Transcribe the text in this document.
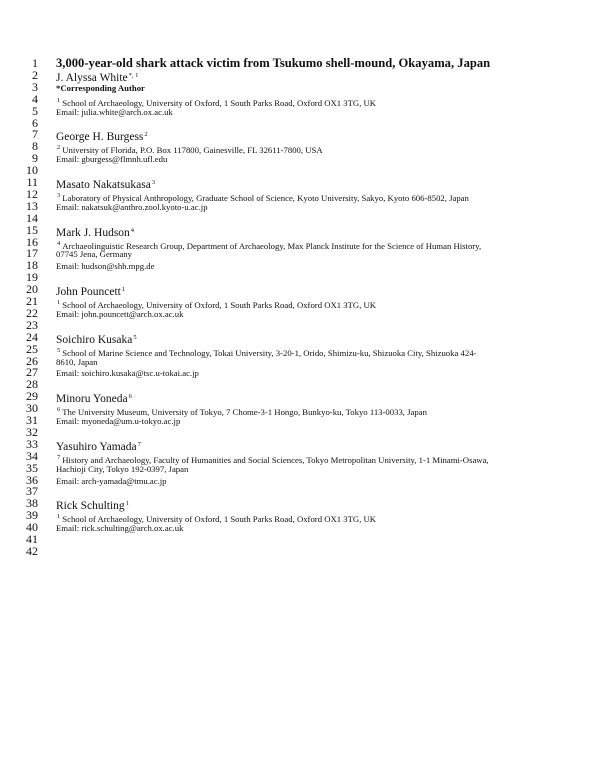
1 3,000-year-old shark attack victim from Tsukumo shell-mound, Okayama, Japan
2 J. Alyssa White$^{*, 1}$
3 *Corresponding Author
4	$^1$ School of Archaeology, University of Oxford, 1 South Parks Road, Oxford OX1 3TG, UK
5 Email: julia.white@arch.ox.ac.uk
6
7 George H. Burgess$^2$
8	$^2$ University of Florida, P.O. Box 117800, Gainesville, FL 32611-7800, USA
9 Email: gburgess@flmnh.ufl.edu
10
11 Masato Nakatsukasa$^3$
12	$^3$ Laboratory of Physical Anthropology, Graduate School of Science, Kyoto University, Sakyo, Kyoto 606-8502, Japan
13 Email: nakatsuk@anthro.zool.kyoto-u.ac.jp
14
15 Mark J. Hudson$^4$
16	$^4$ Archaeolinguistic Research Group, Department of Archaeology, Max Planck Institute for the Science of Human History,
17 07745 Jena, Germany
18 Email: hudson@shh.mpg.de
19
20 John Pouncett$^1$
21	$^1$ School of Archaeology, University of Oxford, 1 South Parks Road, Oxford OX1 3TG, UK
22 Email: john.pouncett@arch.ox.ac.uk
23
24 Soichiro Kusaka$^5$
25	$^5$ School of Marine Science and Technology, Tokai University, 3-20-1, Orido, Shimizu-ku, Shizuoka City, Shizuoka 424-
26 8610, Japan
27 Email: soichiro.kusaka@tsc.u-tokai.ac.jp
28
29 Minoru Yoneda$^6$
30	$^6$ The University Museum, University of Tokyo, 7 Chome-3-1 Hongo, Bunkyo-ku, Tokyo 113-0033, Japan
31 Email: myoneda@um.u-tokyo.ac.jp
32
33 Yasuhiro Yamada$^7$
34	$^7$ History and Archaeology, Faculty of Humanities and Social Sciences, Tokyo Metropolitan University, 1-1 Minami-Osawa,
35 Hachioji City, Tokyo 192-0397, Japan
36 Email: arch-yamada@tmu.ac.jp
37
38 Rick Schulting$^1$
39	$^1$ School of Archaeology, University of Oxford, 1 South Parks Road, Oxford OX1 3TG, UK
40 Email: rick.schulting@arch.ox.ac.uk
41
42
